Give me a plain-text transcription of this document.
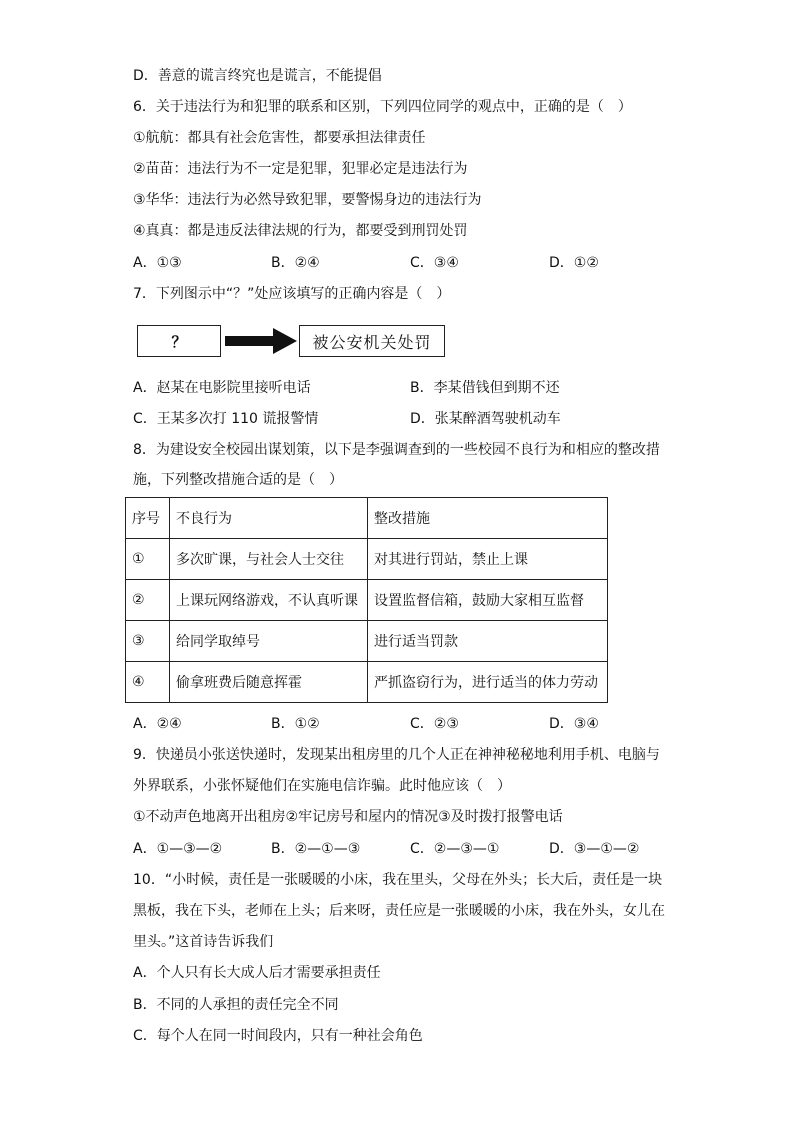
D．善意的谎言终究也是谎言，不能提倡
6．关于违法行为和犯罪的联系和区别，下列四位同学的观点中，正确的是（　）
①航航：都具有社会危害性，都要承担法律责任
②苗苗：违法行为不一定是犯罪，犯罪必定是违法行为
③华华：违法行为必然导致犯罪，要警惕身边的违法行为
④真真：都是违反法律法规的行为，都要受到刑罚处罚
7．下列图示中“？”处应该填写的正确内容是（　）
8．为建设安全校园出谋划策，以下是李强调查到的一些校园不良行为和相应的整改措
施，下列整改措施合适的是（　）
9．快递员小张送快递时，发现某出租房里的几个人正在神神秘秘地利用手机、电脑与
外界联系，小张怀疑他们在实施电信诈骗。此时他应该（　）
①不动声色地离开出租房②牢记房号和屋内的情况③及时拨打报警电话
10．“小时候，责任是一张暖暖的小床，我在里头，父母在外头；长大后，责任是一块
黑板，我在下头，老师在上头；后来呀，责任应是一张暖暖的小床，我在外头，女儿在
里头。”这首诗告诉我们
A．个人只有长大成人后才需要承担责任
B．不同的人承担的责任完全不同
C．每个人在同一时间段内，只有一种社会角色
A．①③	B．②④	C．③④	D．①②
？	被公安机关处罚
A．赵某在电影院里接听电话	B．李某借钱但到期不还
C．王某多次打 110 谎报警情	D．张某醉酒驾驶机动车
序号	不良行为	整改措施
①	多次旷课，与社会人士交往	对其进行罚站，禁止上课
②	上课玩网络游戏，不认真听课	设置监督信箱，鼓励大家相互监督
③	给同学取绰号	进行适当罚款
④	偷拿班费后随意挥霍	严抓盗窃行为，进行适当的体力劳动
A．②④	B．①②	C．②③	D．③④
A．①—③—②	B．②—①—③	C．②—③—①	D．③—①—②
